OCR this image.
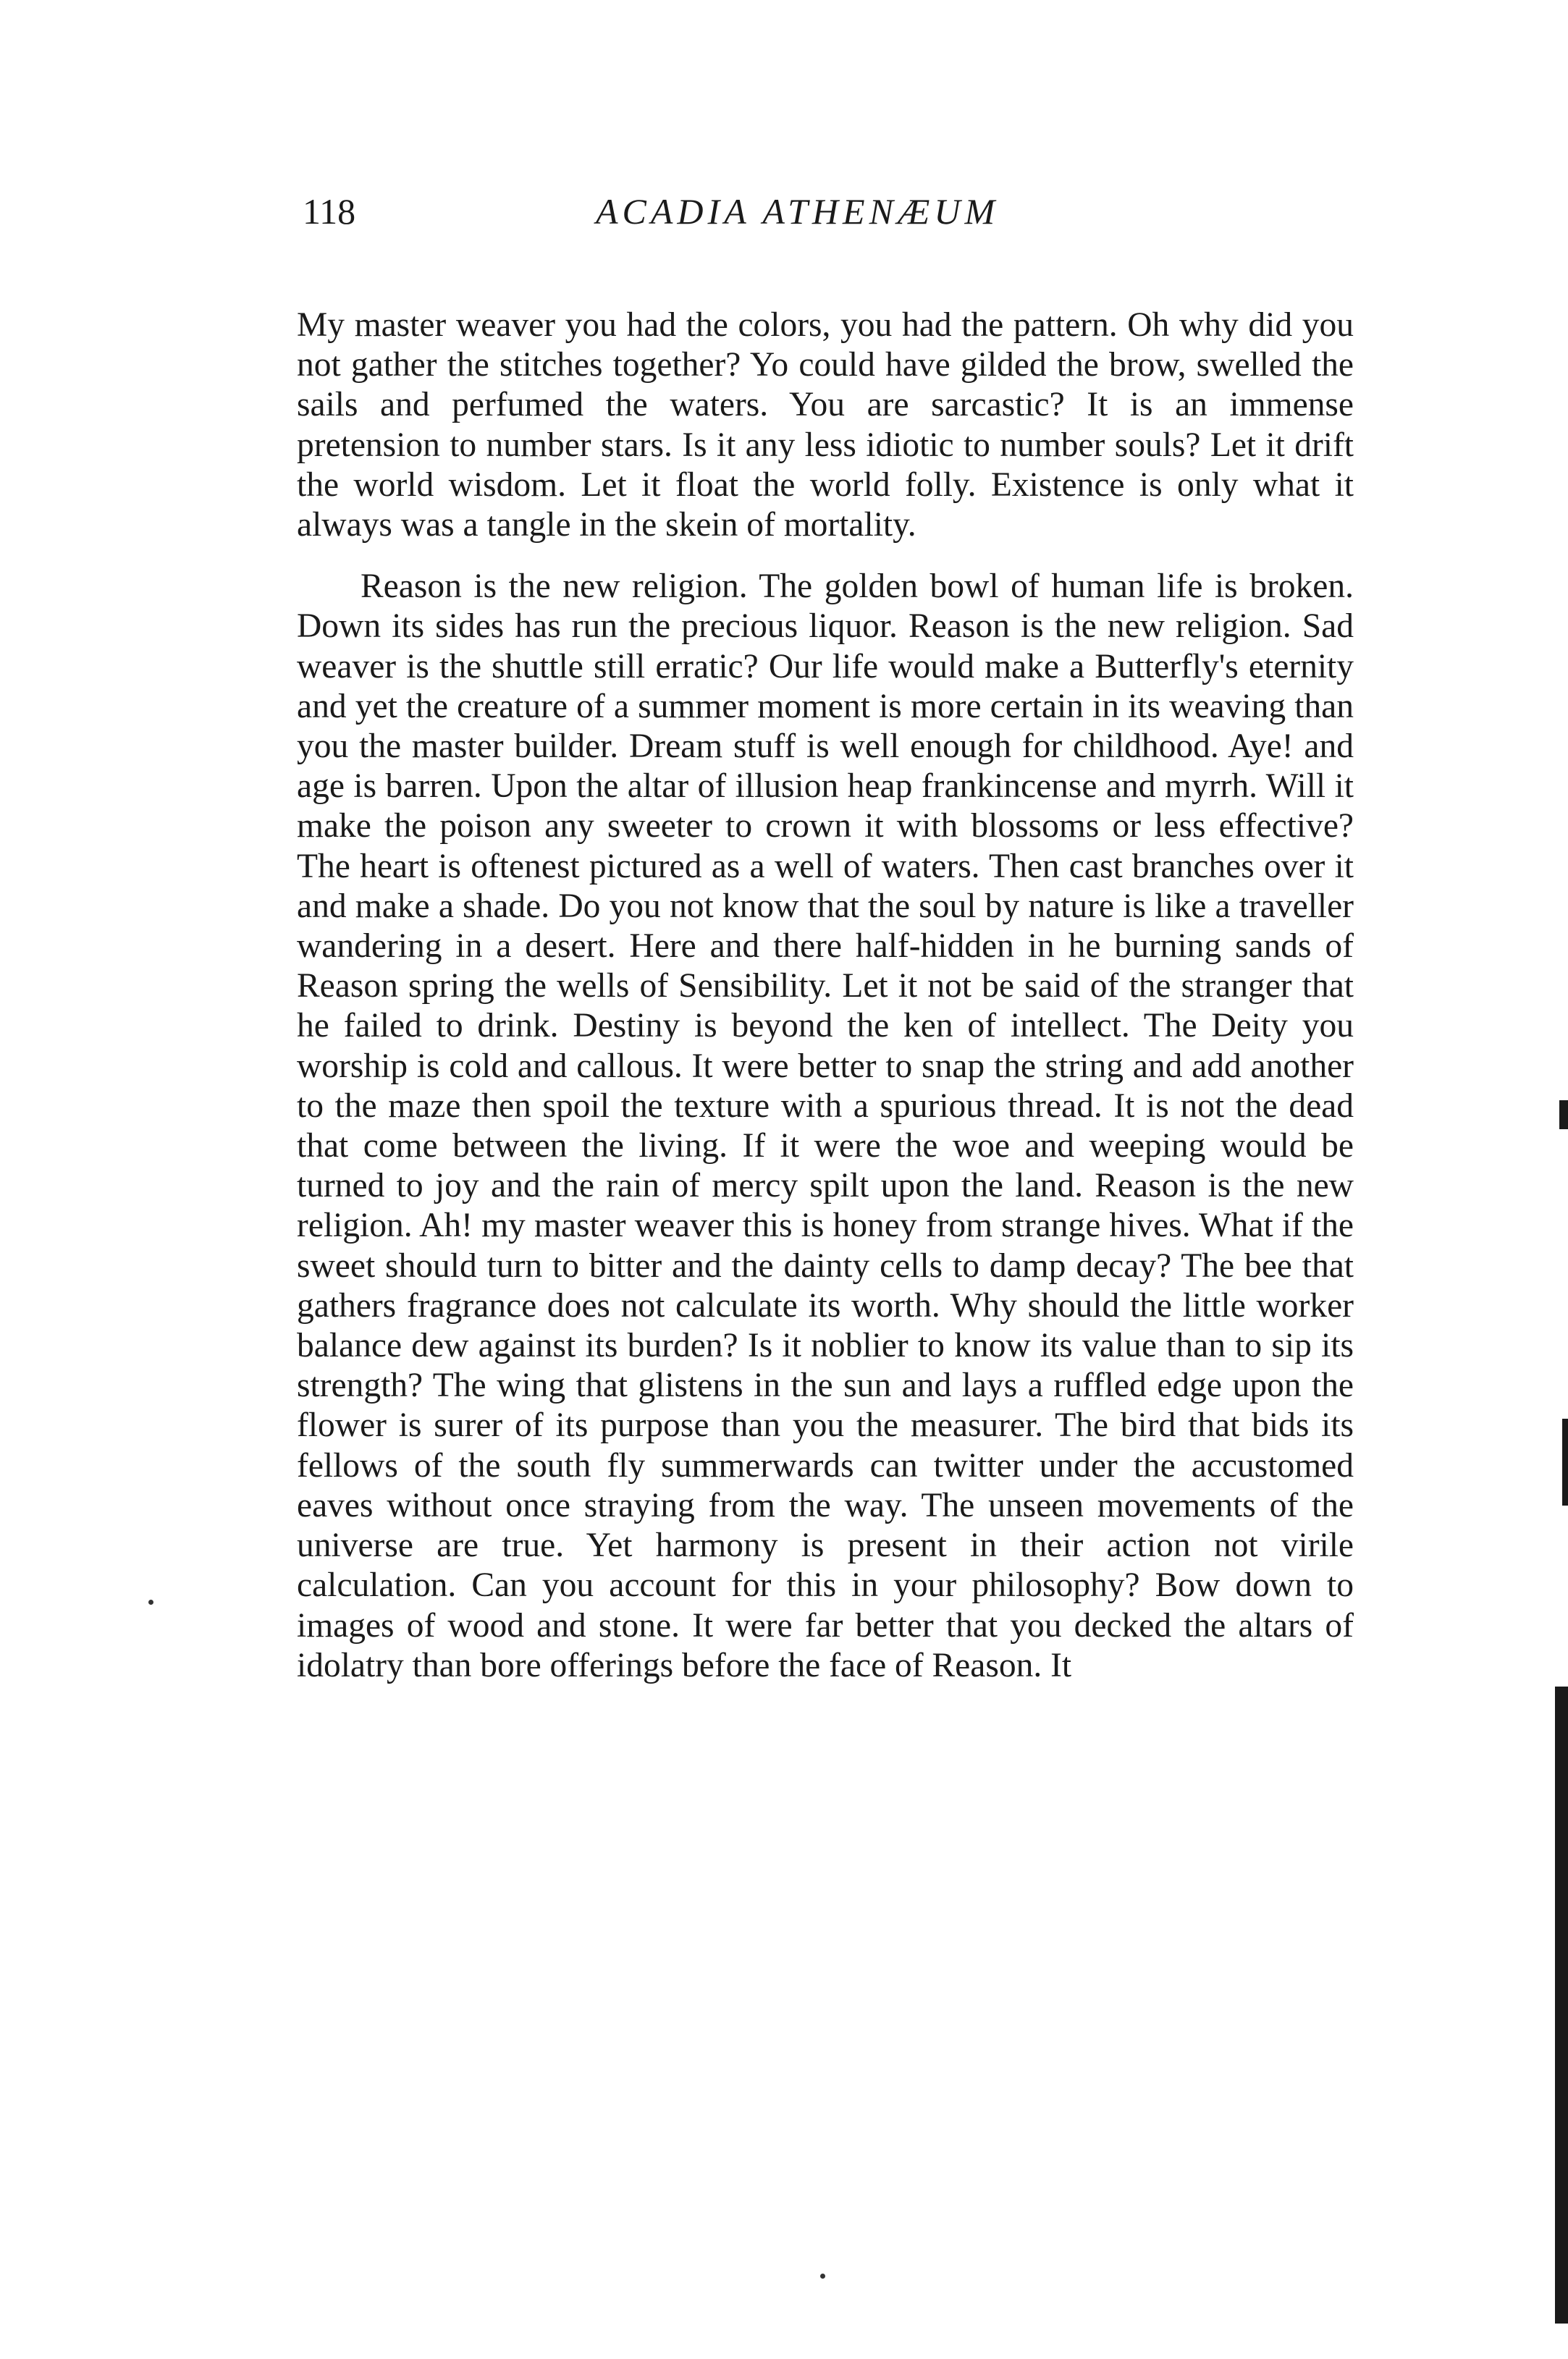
118	ACADIA ATHENÆUM

My master weaver you had the colors, you had the pattern. Oh why did you not gather the stitches together? Yo could have gilded the brow, swelled the sails and perfumed the waters. You are sarcastic? It is an immense pretension to number stars. Is it any less idiotic to number souls? Let it drift the world wisdom. Let it float the world folly. Existence is only what it always was a tangle in the skein of mortality.

Reason is the new religion. The golden bowl of human life is broken. Down its sides has run the precious liquor. Reason is the new religion. Sad weaver is the shuttle still erratic? Our life would make a Butterfly's eternity and yet the creature of a summer moment is more certain in its weaving than you the master builder. Dream stuff is well enough for childhood. Aye! and age is barren. Upon the altar of illusion heap frankincense and myrrh. Will it make the poison any sweeter to crown it with blossoms or less effective? The heart is oftenest pictured as a well of waters. Then cast branches over it and make a shade. Do you not know that the soul by nature is like a traveller wandering in a desert. Here and there half-hidden in he burning sands of Reason spring the wells of Sensibility. Let it not be said of the stranger that he failed to drink. Destiny is beyond the ken of intellect. The Deity you worship is cold and callous. It were better to snap the string and add another to the maze then spoil the texture with a spurious thread. It is not the dead that come between the living. If it were the woe and weeping would be turned to joy and the rain of mercy spilt upon the land. Reason is the new religion. Ah! my master weaver this is honey from strange hives. What if the sweet should turn to bitter and the dainty cells to damp decay? The bee that gathers fragrance does not calculate its worth. Why should the little worker balance dew against its burden? Is it noblier to know its value than to sip its strength? The wing that glistens in the sun and lays a ruffled edge upon the flower is surer of its purpose than you the measurer. The bird that bids its fellows of the south fly summerwards can twitter under the accustomed eaves without once straying from the way. The unseen movements of the universe are true. Yet harmony is present in their action not virile calculation. Can you account for this in your philosophy? Bow down to images of wood and stone. It were far better that you decked the altars of idolatry than bore offerings before the face of Reason. It
